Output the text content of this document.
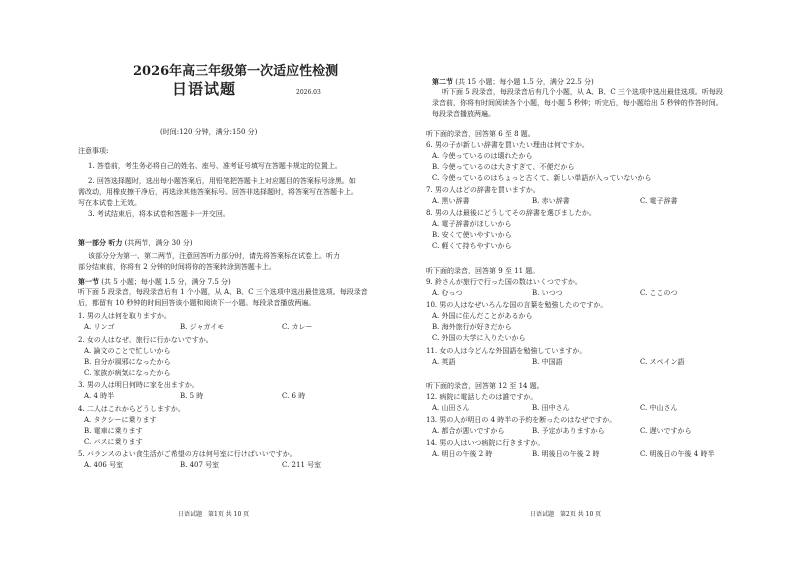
2026年高三年级第一次适应性检测
日语试题	2026.03
(时间:120 分钟，满分:150 分)
注意事项:
1. 答卷前，考生务必将自己的姓名、座号、准考证号填写在答题卡规定的位置上。
2. 回答选择题时，选出每小题答案后，用铅笔把答题卡上对应题目的答案标号涂黑。如
需改动，用橡皮擦干净后，再选涂其他答案标号。回答非选择题时，将答案写在答题卡上。
写在本试卷上无效。
3. 考试结束后，将本试卷和答题卡一并交回。
第一部分 听力 (共两节，满分 30 分)
该部分分为第一、第二两节，注意回答听力部分时，请先将答案标在试卷上。听力
部分结束前，你将有 2 分钟的时间将你的答案转涂到答题卡上。
第一节 (共 5 小题；每小题 1.5 分，满分 7.5 分)
听下面 5 段录音，每段录音后有 1 个小题，从 A、B、C 三个选项中选出最佳选项。每段录音
后，都留有 10 秒钟的时间回答该小题和阅读下一小题。每段录音播放两遍。
1. 男の人は何を取りますか。
A. リンゴ	B. ジャガイモ	C. カレー
2. 女の人はなぜ、旅行に行かないですか。
A. 論文のことで忙しいから
B. 自分が風邪になったから
C. 家族が病気になったから
3. 男の人は明日何時に家を出ますか。
A. 4 時半	B. 5 時	C. 6 時
4. 二人はこれからどうしますか。
A. タクシーに乗ります
B. 電車に乗ります
C. バスに乗ります
5. バランスのよい食生活がご希望の方は何号室に行けばいいですか。
A. 406 号室	B. 407 号室	C. 211 号室
日语试题　第1页 共 10 页
第二节 (共 15 小题；每小题 1.5 分，满分 22.5 分)
听下面 5 段录音，每段录音后有几个小题，从 A、B、C 三个选项中选出最佳选项。听每段
录音前，你将有时间阅读各个小题，每小题 5 秒钟；听完后，每小题给出 5 秒钟的作答时间。
每段录音播放两遍。
听下面的录音，回答第 6 至 8 题。
6. 男の子が新しい辞書を買いたい理由は何ですか。
A. 今使っているのは壊れたから
B. 今使っているのは大きすぎて、不便だから
C. 今使っているのはちょっと古くて、新しい単語が入っていないから
7. 男の人はどの辞書を買いますか。
A. 黒い辞書	B. 赤い辞書	C. 電子辞書
8. 男の人は最後にどうしてその辞書を選びましたか。
A. 電子辞書がほしいから
B. 安くて使いやすいから
C. 軽くて持ちやすいから
听下面的录音，回答第 9 至 11 题。
9. 鈴さんが旅行で行った国の数はいくつですか。
A. むっつ	B. いつつ	C. ここのつ
10. 男の人はなぜいろんな国の言葉を勉強したのですか。
A. 外国に住んだことがあるから
B. 海外旅行が好きだから
C. 外国の大学に入りたいから
11. 女の人は今どんな外国語を勉強していますか。
A. 英語	B. 中国語	C. スペイン語
听下面的录音，回答第 12 至 14 题。
12. 病院に電話したのは誰ですか。
A. 山田さん	B. 田中さん	C. 中山さん
13. 男の人が明日の 4 時半の予約を断ったのはなぜですか。
A. 都合が悪いですから	B. 予定がありますから	C. 遅いですから
14. 男の人はいつ病院に行きますか。
A. 明日の午後 2 時	B. 明後日の午後 2 時	C. 明後日の午後 4 時半
日语试题　第2页 共 10 页
